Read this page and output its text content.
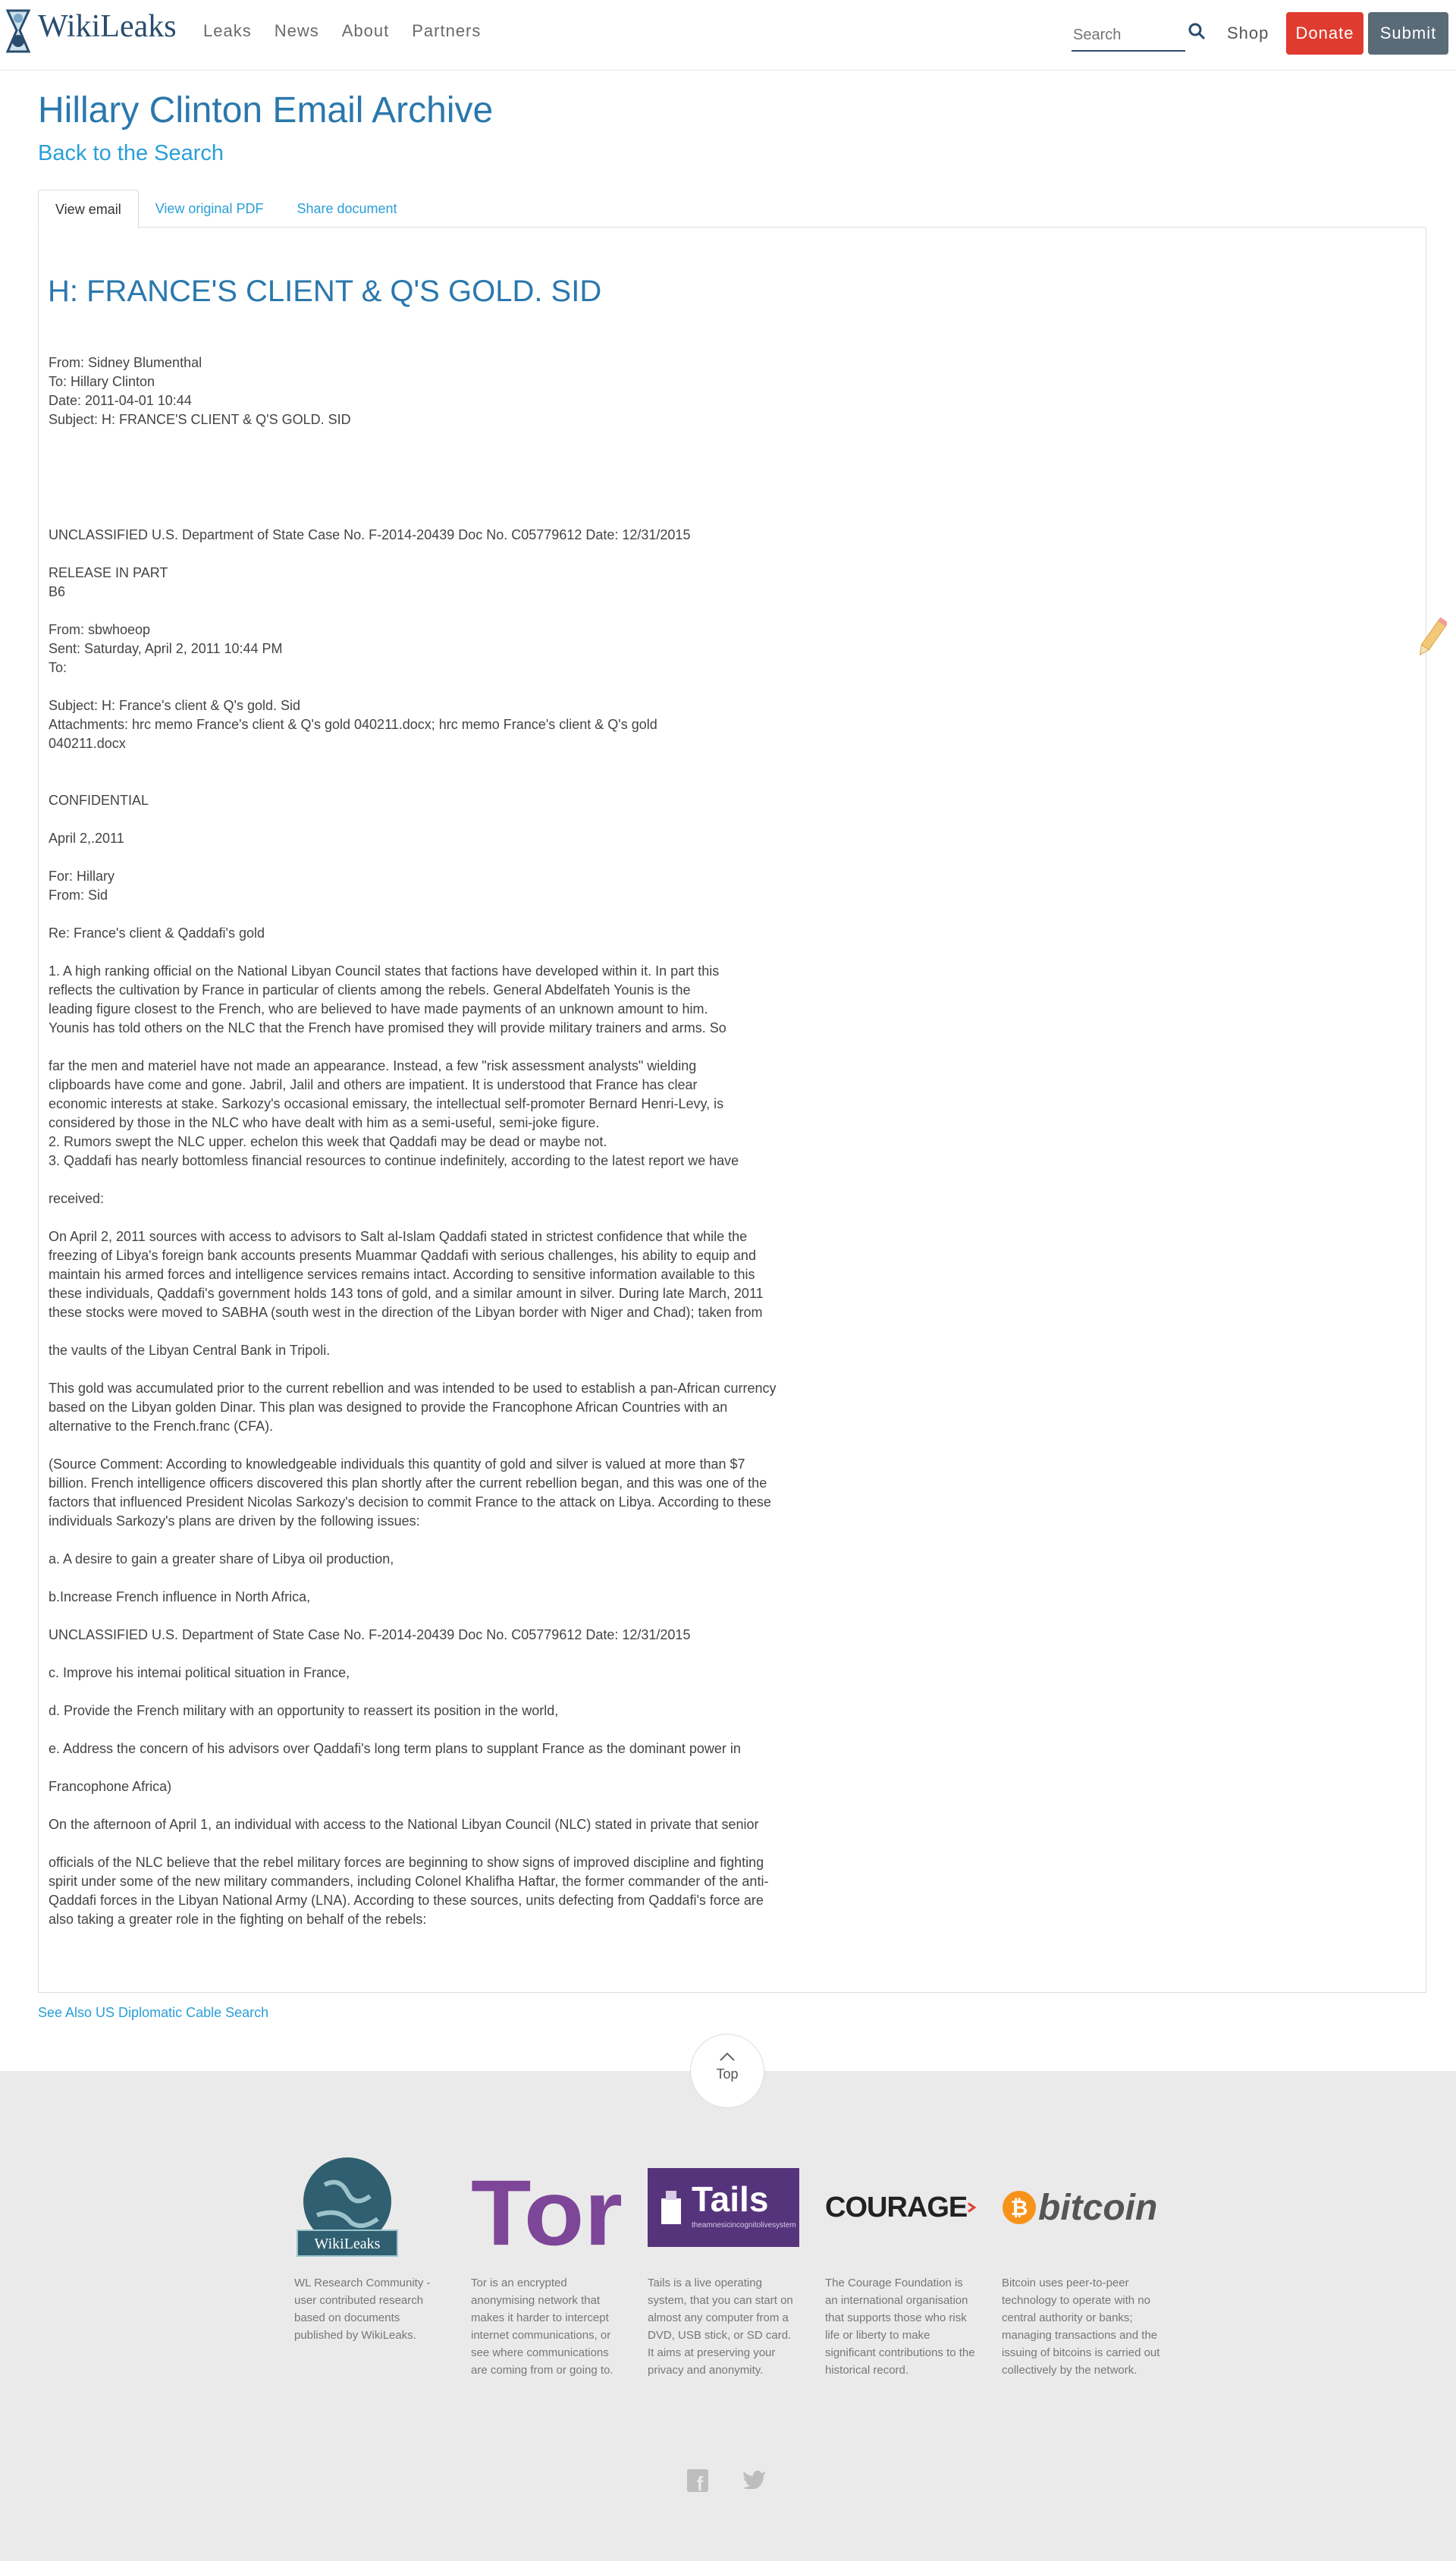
WikiLeaks Leaks News About Partners
Search	Shop	Donate	Submit
Hillary Clinton Email Archive
Back to the Search
View email	View original PDF	Share document
H: FRANCE'S CLIENT & Q'S GOLD. SID
From: Sidney Blumenthal
To: Hillary Clinton
Date: 2011-04-01 10:44
Subject: H: FRANCE'S CLIENT & Q'S GOLD. SID
UNCLASSIFIED U.S. Department of State Case No. F-2014-20439 Doc No. C05779612 Date: 12/31/2015

RELEASE IN PART
B6

From: sbwhoeop
Sent: Saturday, April 2, 2011 10:44 PM
To:

Subject: H: France's client & Q's gold. Sid
Attachments: hrc memo France's client & Q's gold 040211.docx; hrc memo France's client & Q's gold
040211.docx

CONFIDENTIAL

April 2,.2011

For: Hillary
From: Sid

Re: France's client & Qaddafi's gold

1. A high ranking official on the National Libyan Council states that factions have developed within it. In part this
reflects the cultivation by France in particular of clients among the rebels. General Abdelfateh Younis is the
leading figure closest to the French, who are believed to have made payments of an unknown amount to him.
Younis has told others on the NLC that the French have promised they will provide military trainers and arms. So

far the men and materiel have not made an appearance. Instead, a few "risk assessment analysts" wielding
clipboards have come and gone. Jabril, Jalil and others are impatient. It is understood that France has clear
economic interests at stake. Sarkozy's occasional emissary, the intellectual self-promoter Bernard Henri-Levy, is
considered by those in the NLC who have dealt with him as a semi-useful, semi-joke figure.
2. Rumors swept the NLC upper. echelon this week that Qaddafi may be dead or maybe not.
3. Qaddafi has nearly bottomless financial resources to continue indefinitely, according to the latest report we have

received:

On April 2, 2011 sources with access to advisors to Salt al-Islam Qaddafi stated in strictest confidence that while the
freezing of Libya's foreign bank accounts presents Muammar Qaddafi with serious challenges, his ability to equip and
maintain his armed forces and intelligence services remains intact. According to sensitive information available to this
these individuals, Qaddafi's government holds 143 tons of gold, and a similar amount in silver. During late March, 2011
these stocks were moved to SABHA (south west in the direction of the Libyan border with Niger and Chad); taken from

the vaults of the Libyan Central Bank in Tripoli.

This gold was accumulated prior to the current rebellion and was intended to be used to establish a pan-African currency
based on the Libyan golden Dinar. This plan was designed to provide the Francophone African Countries with an
alternative to the French.franc (CFA).

(Source Comment: According to knowledgeable individuals this quantity of gold and silver is valued at more than $7
billion. French intelligence officers discovered this plan shortly after the current rebellion began, and this was one of the
factors that influenced President Nicolas Sarkozy's decision to commit France to the attack on Libya. According to these
individuals Sarkozy's plans are driven by the following issues:

a. A desire to gain a greater share of Libya oil production,

b.Increase French influence in North Africa,

UNCLASSIFIED U.S. Department of State Case No. F-2014-20439 Doc No. C05779612 Date: 12/31/2015

c. Improve his intemai political situation in France,

d. Provide the French military with an opportunity to reassert its position in the world,

e. Address the concern of his advisors over Qaddafi's long term plans to supplant France as the dominant power in

Francophone Africa)

On the afternoon of April 1, an individual with access to the National Libyan Council (NLC) stated in private that senior

officials of the NLC believe that the rebel military forces are beginning to show signs of improved discipline and fighting
spirit under some of the new military commanders, including Colonel Khalifha Haftar, the former commander of the anti-
Qaddafi forces in the Libyan National Army (LNA). According to these sources, units defecting from Qaddafi's force are
also taking a greater role in the fighting on behalf of the rebels:
See Also US Diplomatic Cable Search
Top
WikiLeaks
WL Research Community - user contributed research based on documents published by WikiLeaks.
Tor
Tor is an encrypted anonymising network that makes it harder to intercept internet communications, or see where communications are coming from or going to.
Tails
theamnesicincognitolivesystem
Tails is a live operating system, that you can start on almost any computer from a DVD, USB stick, or SD card. It aims at preserving your privacy and anonymity.
COURAGE
The Courage Foundation is an international organisation that supports those who risk life or liberty to make significant contributions to the historical record.
₿ bitcoin
Bitcoin uses peer-to-peer technology to operate with no central authority or banks; managing transactions and the issuing of bitcoins is carried out collectively by the network.
f
